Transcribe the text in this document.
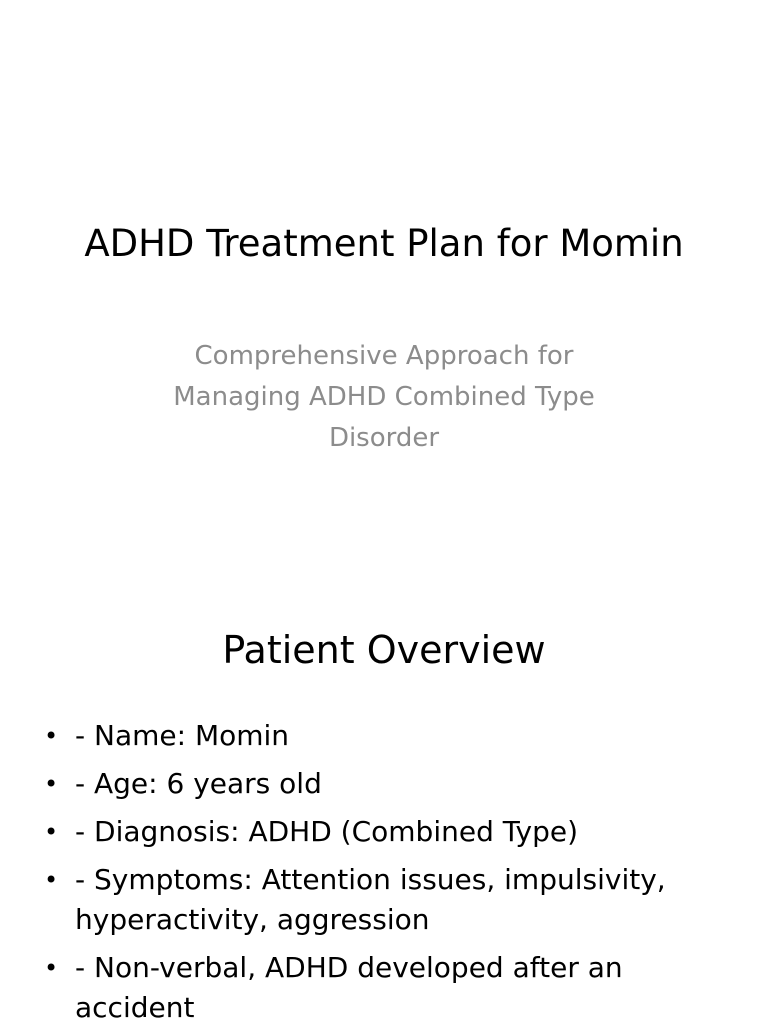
ADHD Treatment Plan for Momin

Comprehensive Approach for Managing ADHD Combined Type Disorder

Patient Overview
• - Name: Momin
• - Age: 6 years old
• - Diagnosis: ADHD (Combined Type)
• - Symptoms: Attention issues, impulsivity, hyperactivity, aggression
• - Non-verbal, ADHD developed after an accident
